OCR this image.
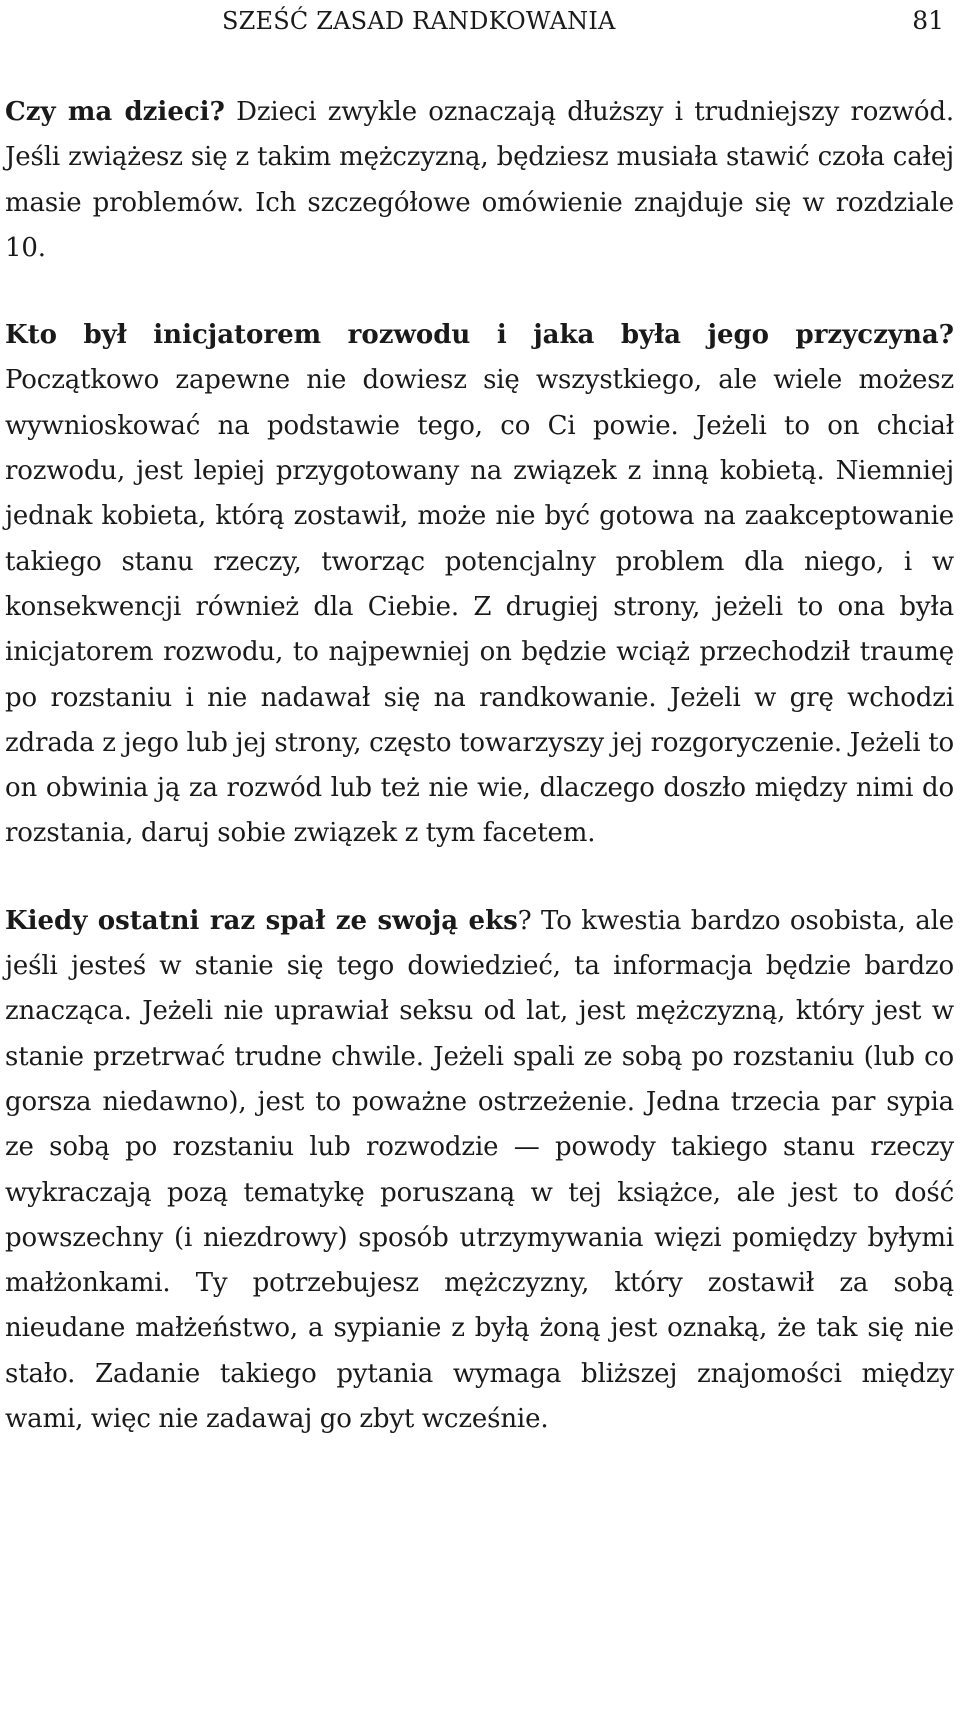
SZEŚĆ ZASAD RANDKOWANIA	81

Czy ma dzieci? Dzieci zwykle oznaczają dłuższy i trudniejszy rozwód. Jeśli zwiążesz się z takim mężczyzną, będziesz musiała stawić czoła całej masie problemów. Ich szczegółowe omówienie znajduje się w rozdziale 10.

Kto był inicjatorem rozwodu i jaka była jego przyczyna? Początkowo zapewne nie dowiesz się wszystkiego, ale wiele możesz wywnioskować na podstawie tego, co Ci powie. Jeżeli to on chciał rozwodu, jest lepiej przygotowany na związek z inną kobietą. Niemniej jednak kobieta, którą zostawił, może nie być gotowa na zaakceptowanie takiego stanu rzeczy, tworząc potencjalny problem dla niego, i w konsekwencji również dla Ciebie. Z drugiej strony, jeżeli to ona była inicjatorem rozwodu, to najpewniej on będzie wciąż przechodził traumę po rozstaniu i nie nadawał się na randkowanie. Jeżeli w grę wchodzi zdrada z jego lub jej strony, często towarzyszy jej rozgoryczenie. Jeżeli to on obwinia ją za rozwód lub też nie wie, dlaczego doszło między nimi do rozstania, daruj sobie związek z tym facetem.

Kiedy ostatni raz spał ze swoją eks? To kwestia bardzo osobista, ale jeśli jesteś w stanie się tego dowiedzieć, ta informacja będzie bardzo znacząca. Jeżeli nie uprawiał seksu od lat, jest mężczyzną, który jest w stanie przetrwać trudne chwile. Jeżeli spali ze sobą po rozstaniu (lub co gorsza niedawno), jest to poważne ostrzeżenie. Jedna trzecia par sypia ze sobą po rozstaniu lub rozwodzie — powody takiego stanu rzeczy wykraczają pozą tematykę poruszaną w tej książce, ale jest to dość powszechny (i niezdrowy) sposób utrzymywania więzi pomiędzy byłymi małżonkami. Ty potrzebujesz mężczyzny, który zostawił za sobą nieudane małżeństwo, a sypianie z byłą żoną jest oznaką, że tak się nie stało. Zadanie takiego pytania wymaga bliższej znajomości między wami, więc nie zadawaj go zbyt wcześnie.
